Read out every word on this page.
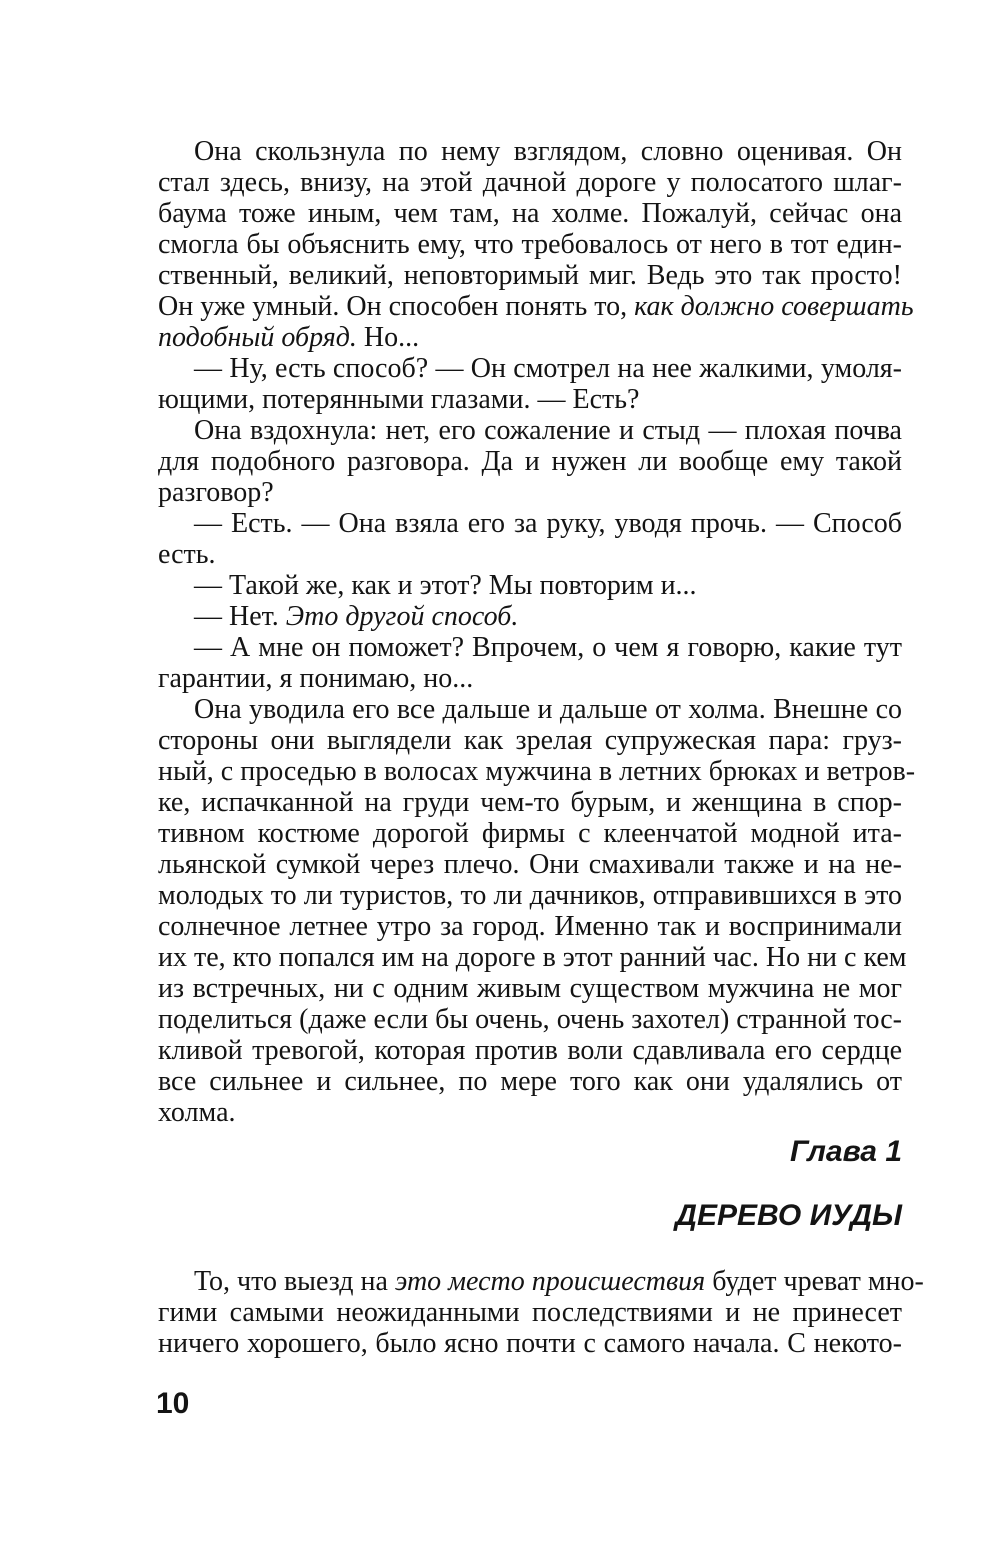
Она скользнула по нему взглядом, словно оценивая. Он
стал здесь, внизу, на этой дачной дороге у полосатого шлаг-
баума тоже иным, чем там, на холме. Пожалуй, сейчас она
смогла бы объяснить ему, что требовалось от него в тот един-
ственный, великий, неповторимый миг. Ведь это так просто!
Он уже умный. Он способен понять то, как должно совершать
подобный обряд. Но...
— Ну, есть способ? — Он смотрел на нее жалкими, умоля-
ющими, потерянными глазами. — Есть?
Она вздохнула: нет, его сожаление и стыд — плохая почва
для подобного разговора. Да и нужен ли вообще ему такой
разговор?
— Есть. — Она взяла его за руку, уводя прочь. — Способ
есть.
— Такой же, как и этот? Мы повторим и...
— Нет. Это другой способ.
— А мне он поможет? Впрочем, о чем я говорю, какие тут
гарантии, я понимаю, но...
Она уводила его все дальше и дальше от холма. Внешне со
стороны они выглядели как зрелая супружеская пара: груз-
ный, с проседью в волосах мужчина в летних брюках и ветров-
ке, испачканной на груди чем-то бурым, и женщина в спор-
тивном костюме дорогой фирмы с клеенчатой модной ита-
льянской сумкой через плечо. Они смахивали также и на не-
молодых то ли туристов, то ли дачников, отправившихся в это
солнечное летнее утро за город. Именно так и воспринимали
их те, кто попался им на дороге в этот ранний час. Но ни с кем
из встречных, ни с одним живым существом мужчина не мог
поделиться (даже если бы очень, очень захотел) странной тос-
кливой тревогой, которая против воли сдавливала его сердце
все сильнее и сильнее, по мере того как они удалялись от
холма.
Глава 1
ДЕРЕВО ИУДЫ
То, что выезд на это место происшествия будет чреват мно-
гими самыми неожиданными последствиями и не принесет
ничего хорошего, было ясно почти с самого начала. С некото-
10
